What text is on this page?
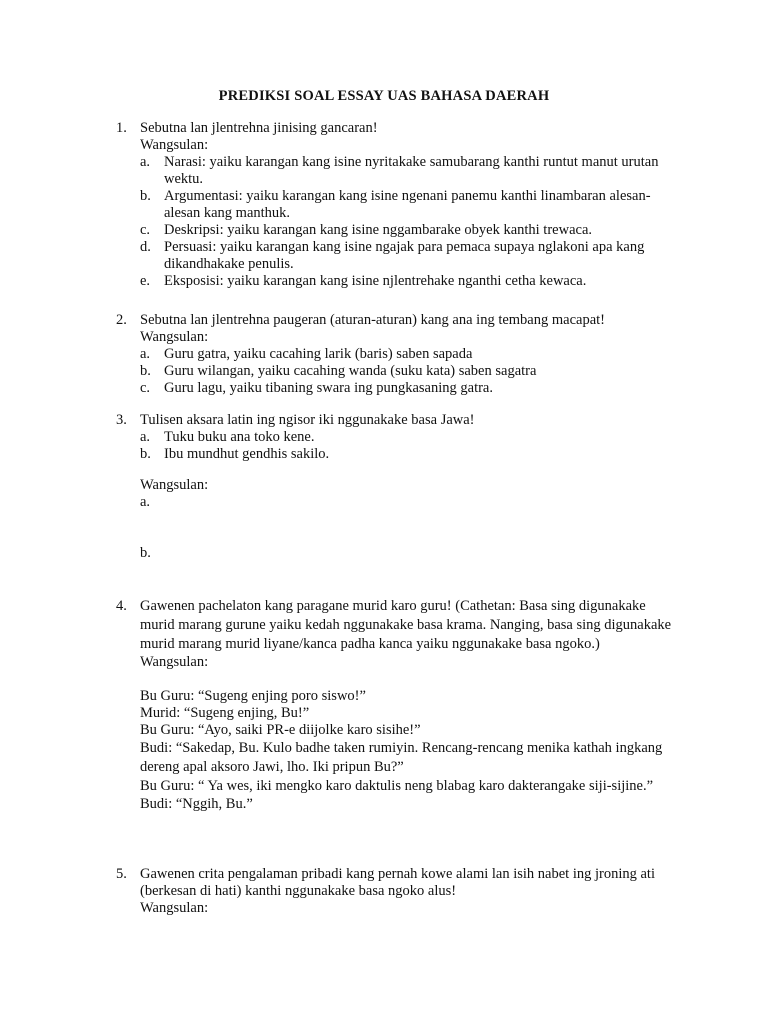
PREDIKSI SOAL ESSAY UAS BAHASA DAERAH
1. Sebutna lan jlentrehna jinising gancaran!
Wangsulan:
a. Narasi: yaiku karangan kang isine nyritakake samubarang kanthi runtut manut urutan wektu.
b. Argumentasi: yaiku karangan kang isine ngenani panemu kanthi linambaran alesan-alesan kang manthuk.
c. Deskripsi: yaiku karangan kang isine nggambarake obyek kanthi trewaca.
d. Persuasi: yaiku karangan kang isine ngajak para pemaca supaya nglakoni apa kang dikandhakake penulis.
e. Eksposisi: yaiku karangan kang isine njlentrehake nganthi cetha kewaca.
2. Sebutna lan jlentrehna paugeran (aturan-aturan) kang ana ing tembang macapat!
Wangsulan:
a. Guru gatra, yaiku cacahing larik (baris) saben sapada
b. Guru wilangan, yaiku cacahing wanda (suku kata) saben sagatra
c. Guru lagu, yaiku tibaning swara ing pungkasaning gatra.
3. Tulisen aksara latin ing ngisor iki nggunakake basa Jawa!
a. Tuku buku ana toko kene.
b. Ibu mundhut gendhis sakilo.
Wangsulan:
a.
b.
4. Gawenen pachelaton kang paragane murid karo guru! (Cathetan: Basa sing digunakake murid marang gurune yaiku kedah nggunakake basa krama. Nanging, basa sing digunakake murid marang murid liyane/kanca padha kanca yaiku nggunakake basa ngoko.)
Wangsulan:
Bu Guru: “Sugeng enjing poro siswo!”
Murid: “Sugeng enjing, Bu!”
Bu Guru: “Ayo, saiki PR-e diijolke karo sisihe!”
Budi: “Sakedap, Bu. Kulo badhe taken rumiyin. Rencang-rencang menika kathah ingkang dereng apal aksoro Jawi, lho. Iki pripun Bu?”
Bu Guru: “ Ya wes, iki mengko karo daktulis neng blabag karo dakterangake siji-sijine.”
Budi: “Nggih, Bu.”
5. Gawenen crita pengalaman pribadi kang pernah kowe alami lan isih nabet ing jroning ati (berkesan di hati) kanthi nggunakake basa ngoko alus!
Wangsulan:
